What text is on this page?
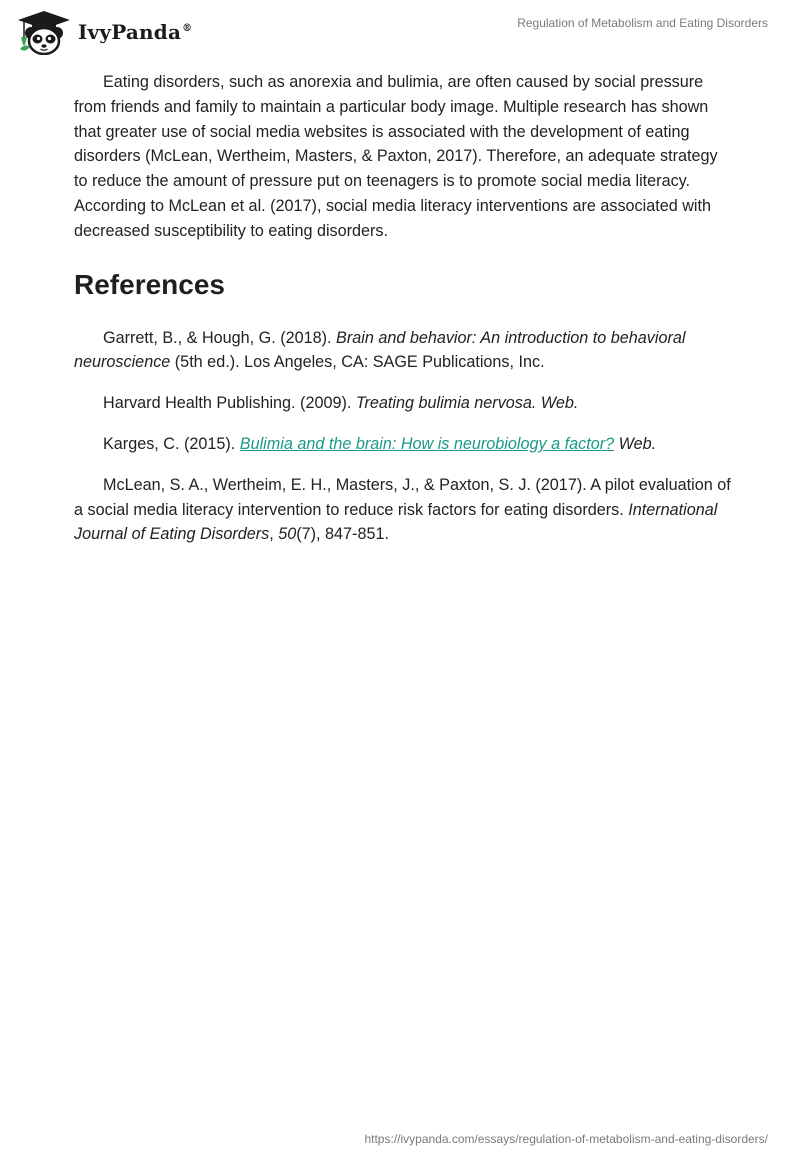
IvyPanda®	Regulation of Metabolism and Eating Disorders

Eating disorders, such as anorexia and bulimia, are often caused by social pressure from friends and family to maintain a particular body image. Multiple research has shown that greater use of social media websites is associated with the development of eating disorders (McLean, Wertheim, Masters, & Paxton, 2017). Therefore, an adequate strategy to reduce the amount of pressure put on teenagers is to promote social media literacy. According to McLean et al. (2017), social media literacy interventions are associated with decreased susceptibility to eating disorders.

References

Garrett, B., & Hough, G. (2018). Brain and behavior: An introduction to behavioral neuroscience (5th ed.). Los Angeles, CA: SAGE Publications, Inc.

Harvard Health Publishing. (2009). Treating bulimia nervosa. Web.

Karges, C. (2015). Bulimia and the brain: How is neurobiology a factor? Web.

McLean, S. A., Wertheim, E. H., Masters, J., & Paxton, S. J. (2017). A pilot evaluation of a social media literacy intervention to reduce risk factors for eating disorders. International Journal of Eating Disorders, 50(7), 847-851.

https://ivypanda.com/essays/regulation-of-metabolism-and-eating-disorders/
